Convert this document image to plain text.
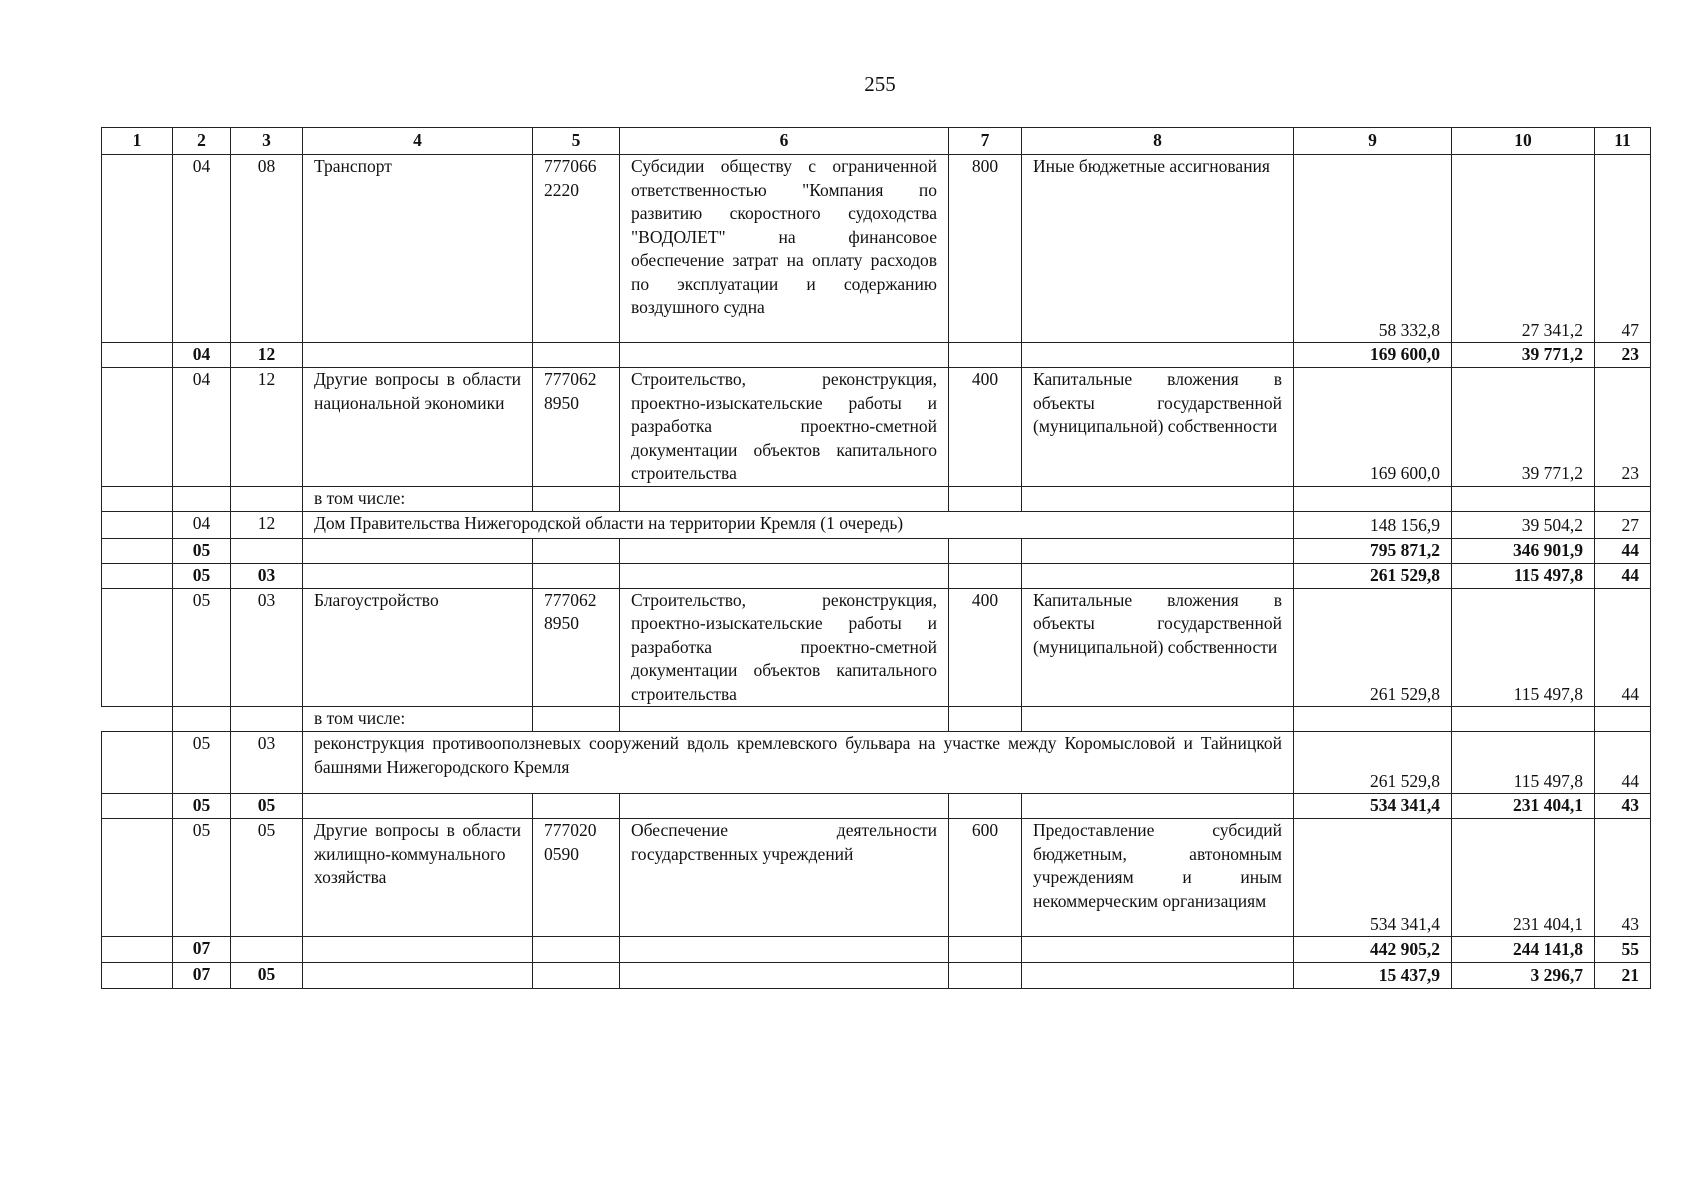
255
1	2	3	4	5	6	7	8	9	10	11
	04	08	Транспорт	777066 2220	Субсидии обществу с ограниченной ответственностью "Компания по развитию скоростного судоходства "ВОДОЛЕТ" на финансовое обеспечение затрат на оплату расходов по эксплуатации и содержанию воздушного судна	800	Иные бюджетные ассигнования	58 332,8	27 341,2	47
	04	12						169 600,0	39 771,2	23
	04	12	Другие вопросы в области национальной экономики	777062 8950	Строительство, реконструкция, проектно-изыскательские работы и разработка проектно-сметной документации объектов капитального строительства	400	Капитальные вложения в объекты государственной (муниципальной) собственности	169 600,0	39 771,2	23
			в том числе:							
	04	12	Дом Правительства Нижегородской области на территории Кремля (1 очередь)					148 156,9	39 504,2	27
	05							795 871,2	346 901,9	44
	05	03						261 529,8	115 497,8	44
	05	03	Благоустройство	777062 8950	Строительство, реконструкция, проектно-изыскательские работы и разработка проектно-сметной документации объектов капитального строительства	400	Капитальные вложения в объекты государственной (муниципальной) собственности	261 529,8	115 497,8	44
			в том числе:							
	05	03	реконструкция противооползневых сооружений вдоль кремлевского бульвара на участке между Коромысловой и Тайницкой башнями Нижегородского Кремля					261 529,8	115 497,8	44
	05	05						534 341,4	231 404,1	43
	05	05	Другие вопросы в области жилищно-коммунального хозяйства	777020 0590	Обеспечение деятельности государственных учреждений	600	Предоставление субсидий бюджетным, автономным учреждениям и иным некоммерческим организациям	534 341,4	231 404,1	43
	07							442 905,2	244 141,8	55
	07	05						15 437,9	3 296,7	21
